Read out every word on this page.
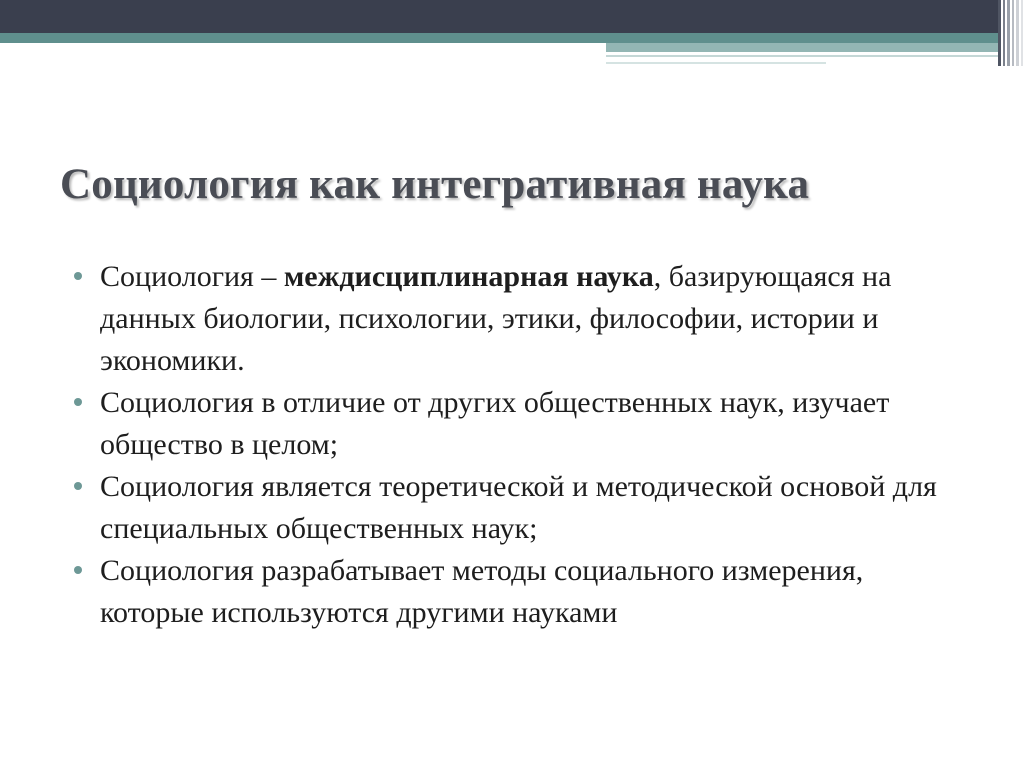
Социология как интегративная наука
Социология – междисциплинарная наука, базирующаяся на данных биологии, психологии, этики, философии, истории и экономики.
Социология в отличие от других общественных наук, изучает общество в целом;
Социология является теоретической и методической основой для специальных общественных наук;
Социология разрабатывает методы социального измерения, которые используются другими науками
